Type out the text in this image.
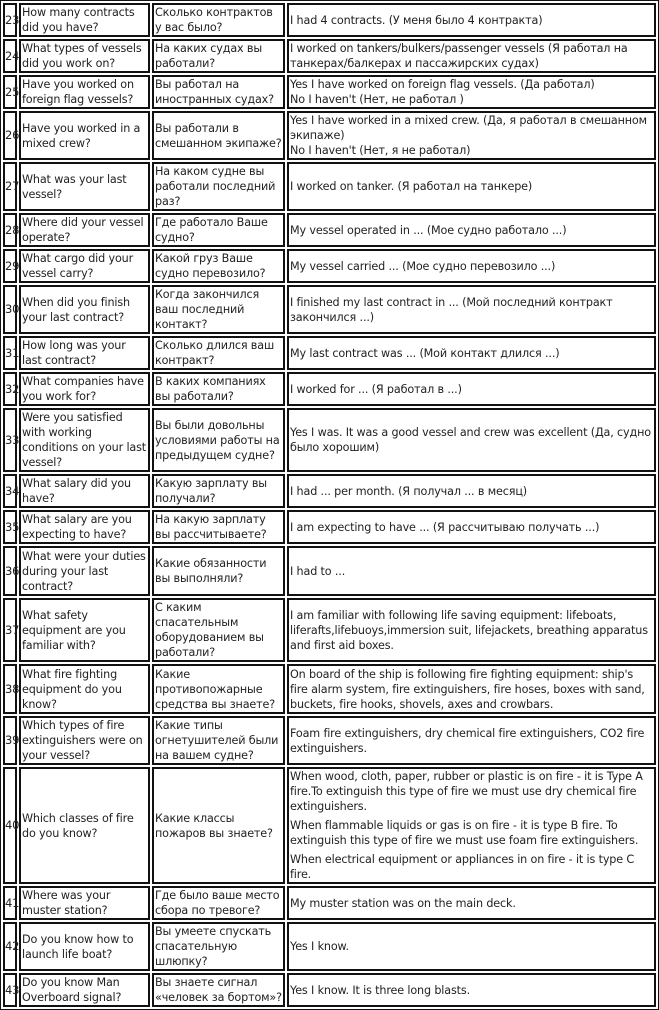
23	How many contracts did you have?	Сколько контрактов у вас было?	I had 4 contracts. (У меня было 4 контракта)

24	What types of vessels did you work on?	На каких судах вы работали?	I worked on tankers/bulkers/passenger vessels (Я работал на танкерах/балкерах и пассажирских судах)

25	Have you worked on foreign flag vessels?	Вы работал на иностранных судах?	Yes I have worked on foreign flag vessels. (Да работал)
No I haven't (Нет, не работал )

26	Have you worked in a mixed crew?	Вы работали в смешанном экипаже?	Yes I have worked in a mixed crew. (Да, я работал в смешанном экипаже)
No I haven't (Нет, я не работал)

27	What was your last vessel?	На каком судне вы работали последний раз?	I worked on tanker. (Я работал на танкере)

28	Where did your vessel operate?	Где работало Ваше судно?	My vessel operated in ... (Мое судно работало ...)

29	What cargo did your vessel carry?	Какой груз Ваше судно перевозило?	My vessel carried ... (Мое судно перевозило ...)

30	When did you finish your last contract?	Когда закончился ваш последний контакт?	I finished my last contract in ... (Мой последний контракт закончился ...)

31	How long was your last contract?	Сколько длился ваш контракт?	My last contract was ... (Мой контакт длился ...)

32	What companies have you work for?	В каких компаниях вы работали?	I worked for ... (Я работал в ...)

33	Were you satisfied with working conditions on your last vessel?	Вы были довольны условиями работы на предыдущем судне?	Yes I was. It was a good vessel and crew was excellent (Да, судно было хорошим)

34	What salary did you have?	Какую зарплату вы получали?	I had ... per month. (Я получал ... в месяц)

35	What salary are you expecting to have?	На какую зарплату вы рассчитываете?	I am expecting to have ... (Я рассчитываю получать ...)

36	What were your duties during your last contract?	Какие обязанности вы выполняли?	I had to ...

37	What safety equipment are you familiar with?	С каким спасательным оборудованием вы работали?	I am familiar with following life saving equipment: lifeboats, liferafts,lifebuoys,immersion suit, lifejackets, breathing apparatus and first aid boxes.

38	What fire fighting equipment do you know?	Какие противопожарные средства вы знаете?	On board of the ship is following fire fighting equipment: ship's fire alarm system, fire extinguishers, fire hoses, boxes with sand, buckets, fire hooks, shovels, axes and crowbars.

39	Which types of fire extinguishers were on your vessel?	Какие типы огнетушителей были на вашем судне?	Foam fire extinguishers, dry chemical fire extinguishers, CO2 fire extinguishers.

40	Which classes of fire do you know?	Какие классы пожаров вы знаете?	When wood, cloth, paper, rubber or plastic is on fire - it is Type A fire.To extinguish this type of fire we must use dry chemical fire extinguishers.

When flammable liquids or gas is on fire - it is type B fire. To extinguish this type of fire we must use foam fire extinguishers.

When electrical equipment or appliances in on fire - it is type C fire.

41	Where was your muster station?	Где было ваше место сбора по тревоге?	My muster station was on the main deck.

42	Do you know how to launch life boat?	Вы умеете спускать спасательную шлюпку?	Yes I know.

43	Do you know Man Overboard signal?	Вы знаете сигнал «человек за бортом»?	Yes I know. It is three long blasts.
